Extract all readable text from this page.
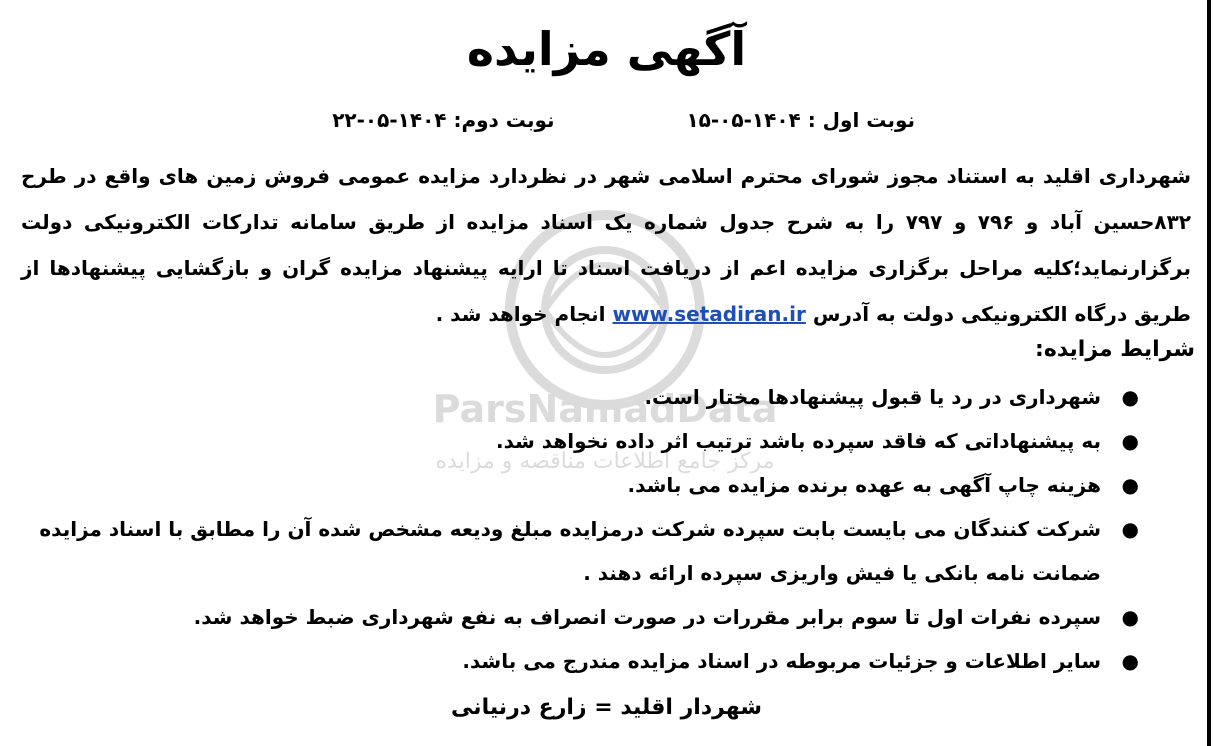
ParsNamadData
مرکز جامع اطلاعات مناقصه و مزایده
آگهی مزایده
نوبت اول : ۱۴۰۴-۰۵-۱۵  نوبت دوم: ۱۴۰۴-۰۵-۲۲
شهرداری اقلید به استناد مجوز شورای محترم اسلامی شهر در نظردارد مزایده عمومی فروش زمین های واقع در طرح ۸۳۲حسین آباد و ۷۹۶ و ۷۹۷ را به شرح جدول شماره یک اسناد مزایده از طریق سامانه تدارکات الکترونیکی دولت برگزارنماید؛کلیه مراحل برگزاری مزایده اعم از دریافت اسناد تا ارایه پیشنهاد مزایده گران و بازگشایی پیشنهادها از طریق درگاه الکترونیکی دولت به آدرس www.setadiran.ir انجام خواهد شد .
شرایط مزایده:
●
شهرداری در رد یا قبول پیشنهادها مختار است.
●
به پیشنهاداتی که فاقد سپرده باشد ترتیب اثر داده نخواهد شد.
●
هزینه چاپ آگهی به عهده برنده مزایده می باشد.
●
شرکت کنندگان می بایست بابت سپرده شرکت درمزایده مبلغ ودیعه مشخص شده آن را مطابق با اسناد مزایده ضمانت نامه بانکی یا فیش واریزی سپرده ارائه دهند .
●
سپرده نفرات اول تا سوم برابر مقررات در صورت انصراف به نفع شهرداری ضبط خواهد شد.
●
سایر اطلاعات و جزئیات مربوطه در اسناد مزایده مندرج می باشد.
شهردار اقلید = زارع درنیانی
